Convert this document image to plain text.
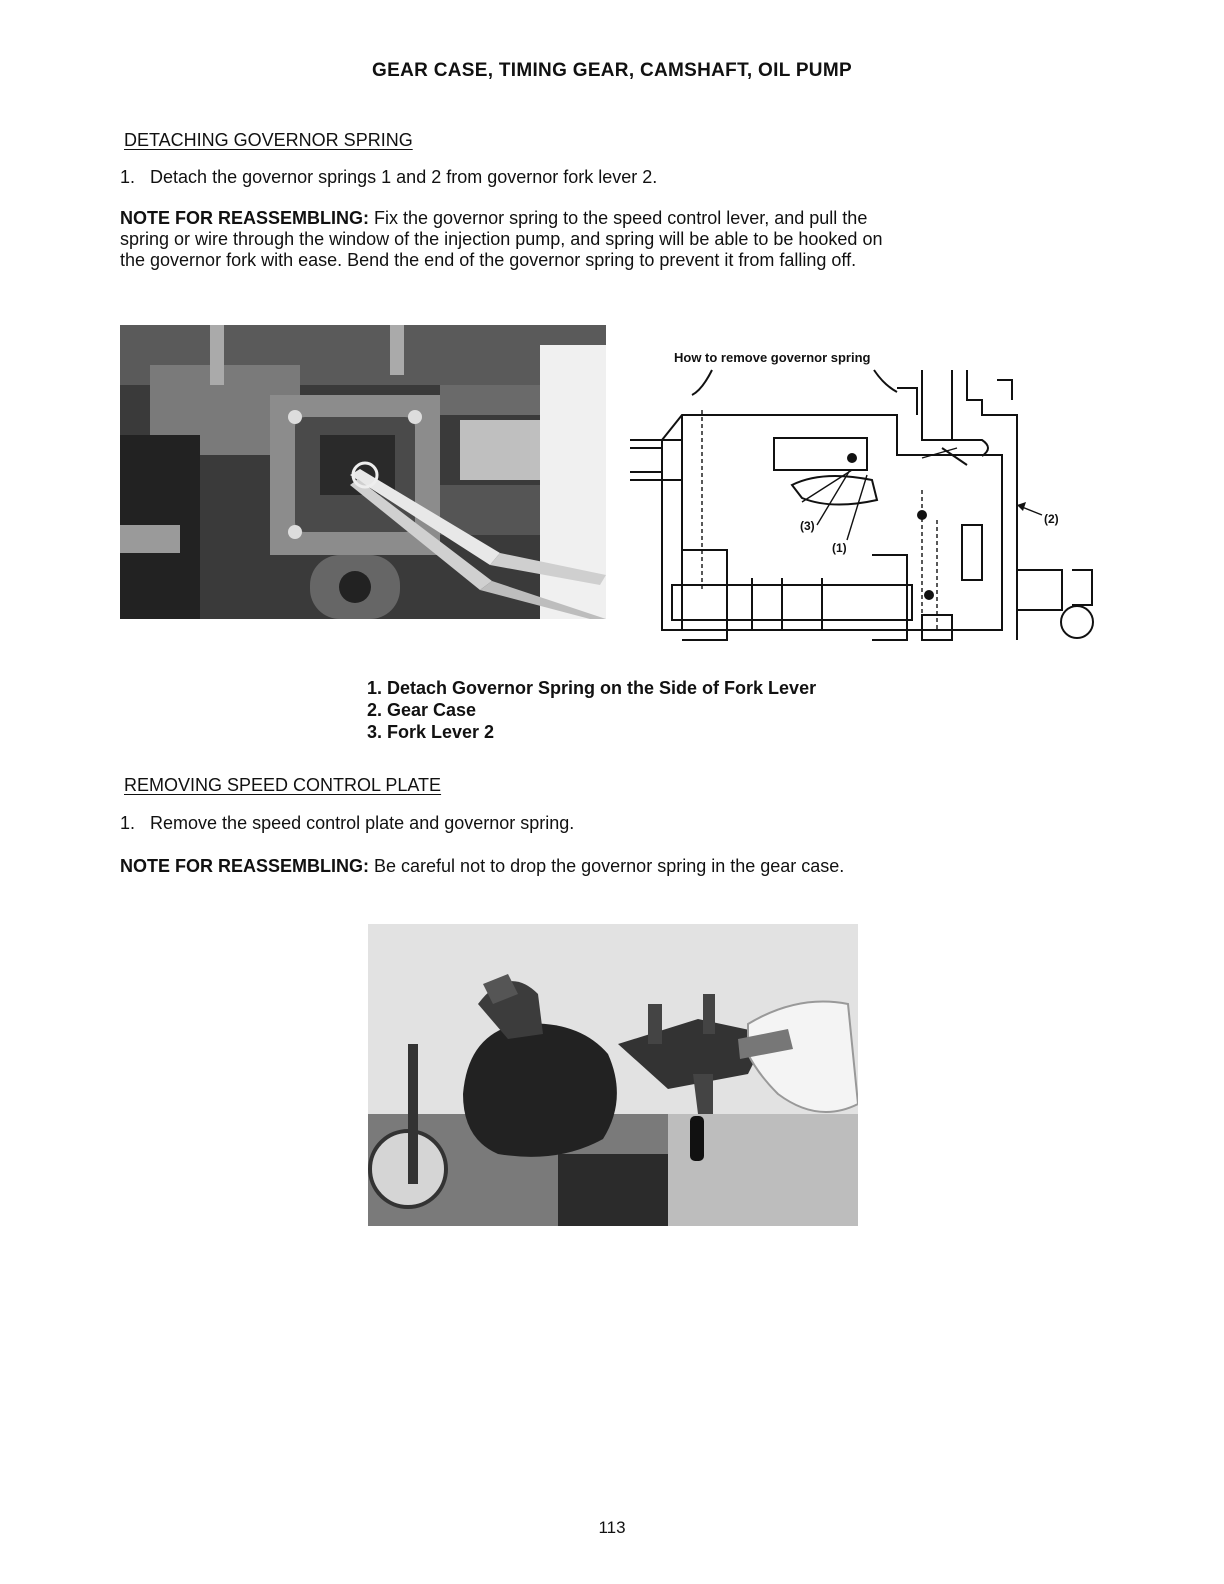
GEAR CASE, TIMING GEAR, CAMSHAFT, OIL PUMP
DETACHING GOVERNOR SPRING
1. Detach the governor springs 1 and 2 from governor fork lever 2.
NOTE FOR REASSEMBLING: Fix the governor spring to the speed control lever, and pull the
spring or wire through the window of the injection pump, and spring will be able to be hooked on
the governor fork with ease. Bend the end of the governor spring to prevent it from falling off.
How to remove governor spring
(3)
(1)
(2)
1. Detach Governor Spring on the Side of Fork Lever
2. Gear Case
3. Fork Lever 2
REMOVING SPEED CONTROL PLATE
1. Remove the speed control plate and governor spring.
NOTE FOR REASSEMBLING: Be careful not to drop the governor spring in the gear case.
113
